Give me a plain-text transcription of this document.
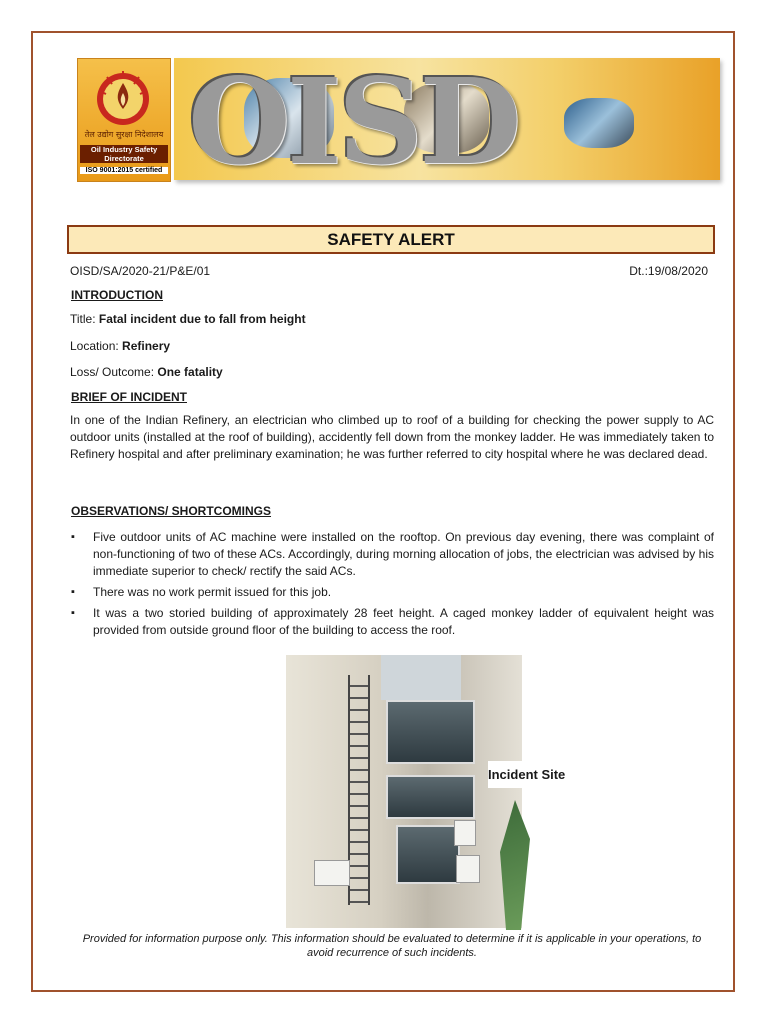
तेल उद्योग सुरक्षा निदेशालय
Oil Industry Safety Directorate
ISO 9001:2015 certified OISD
SAFETY ALERT
OISD/SA/2020-21/P&E/01	Dt.:19/08/2020
INTRODUCTION
Title: Fatal incident due to fall from height
Location: Refinery
Loss/ Outcome: One fatality
BRIEF OF INCIDENT
In one of the Indian Refinery, an electrician who climbed up to roof of a building for checking the power supply to AC outdoor units (installed at the roof of building), accidently fell down from the monkey ladder. He was immediately taken to Refinery hospital and after preliminary examination; he was further referred to city hospital where he was declared dead.
OBSERVATIONS/ SHORTCOMINGS
▪ Five outdoor units of AC machine were installed on the rooftop. On previous day evening, there was complaint of non-functioning of two of these ACs. Accordingly, during morning allocation of jobs, the electrician was advised by his immediate superior to check/ rectify the said ACs.
▪ There was no work permit issued for this job.
▪ It was a two storied building of approximately 28 feet height. A caged monkey ladder of equivalent height was provided from outside ground floor of the building to access the roof.
Incident Site
Provided for information purpose only. This information should be evaluated to determine if it is applicable in your operations, to avoid recurrence of such incidents.
